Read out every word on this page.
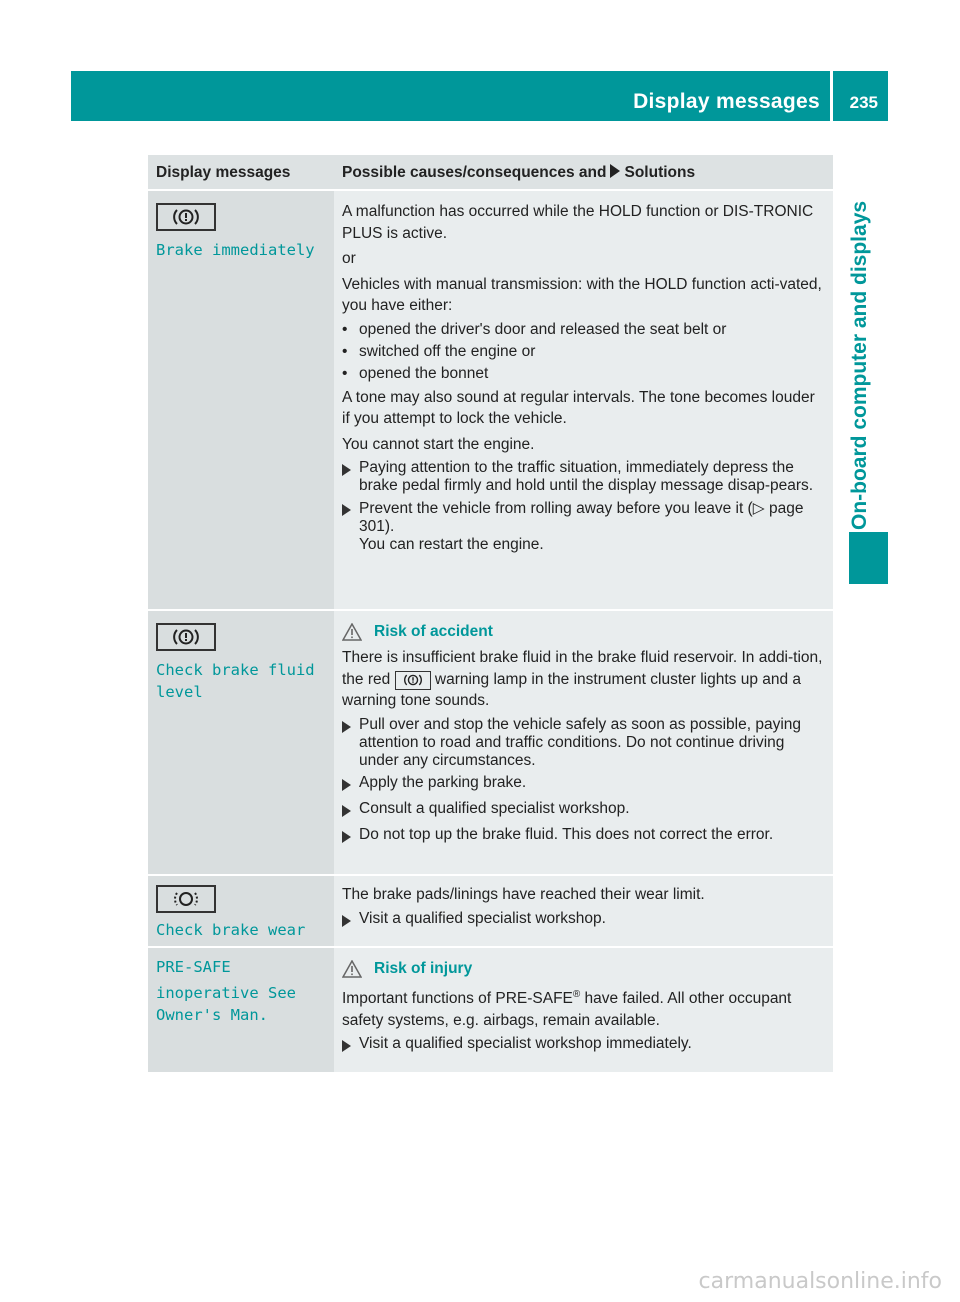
Display messages 235
On-board computer and displays
Display messages	Possible causes/consequences and Solutions
Brake immediately

A malfunction has occurred while the HOLD function or DIS-TRONIC PLUS is active.

or

Vehicles with manual transmission: with the HOLD function acti-vated, you have either:

• opened the driver's door and released the seat belt or
• switched off the engine or
• opened the bonnet

A tone may also sound at regular intervals. The tone becomes louder if you attempt to lock the vehicle.

You cannot start the engine.

Paying attention to the traffic situation, immediately depress the brake pedal firmly and hold until the display message disap-pears.
Prevent the vehicle from rolling away before you leave it (▷ page 301).
You can restart the engine.
Check brake fluid
level
Risk of accident

There is insufficient brake fluid in the brake fluid reservoir. In addi-tion, the red	warning lamp in the instrument cluster lights up and a warning tone sounds.

Pull over and stop the vehicle safely as soon as possible, paying attention to road and traffic conditions. Do not continue driving under any circumstances.
Apply the parking brake.
Consult a qualified specialist workshop.
Do not top up the brake fluid. This does not correct the error.
Check brake wear

The brake pads/linings have reached their wear limit.

Visit a qualified specialist workshop.
PRE-SAFE
inoperative See
Owner's Man.
Risk of injury

Important functions of PRE-SAFE® have failed. All other occupant safety systems, e.g. airbags, remain available.

Visit a qualified specialist workshop immediately.
carmanualsonline.info
